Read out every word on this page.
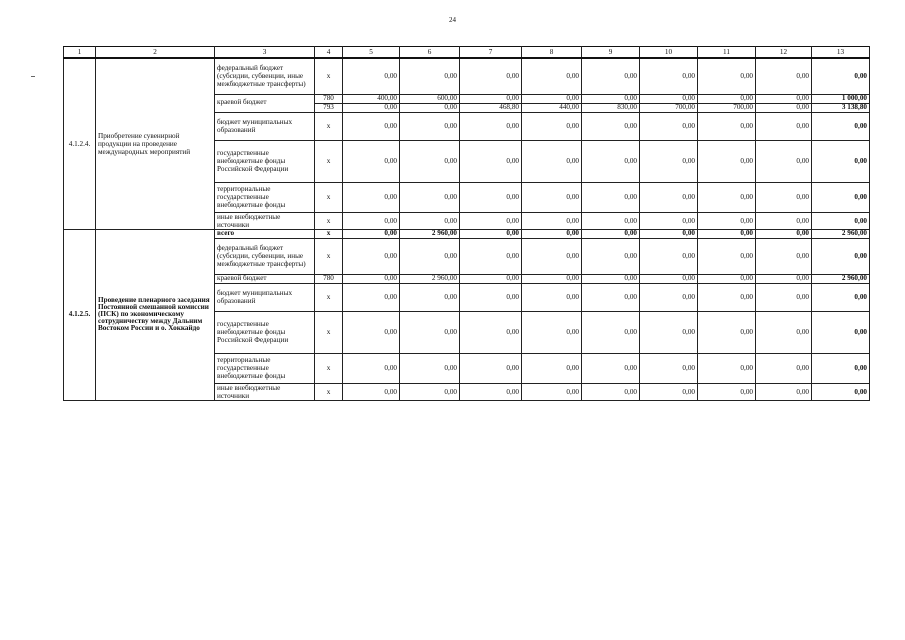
24
1	2	3	4	5	6	7	8	9	10	11	12	13
4.1.2.4.	Приобретение сувенирной продукции на проведение международных мероприятий	федеральный бюджет (субсидии, субвенции, иные межбюджетные трансферты)	х	0,00	0,00	0,00	0,00	0,00	0,00	0,00	0,00	0,00
		краевой бюджет	780	400,00	600,00	0,00	0,00	0,00	0,00	0,00	0,00	1 000,00
			793	0,00	0,00	468,80	440,00	830,00	700,00	700,00	0,00	3 138,80
		бюджет муниципальных образований	х	0,00	0,00	0,00	0,00	0,00	0,00	0,00	0,00	0,00
		государственные внебюджетные фонды Российской Федерации	х	0,00	0,00	0,00	0,00	0,00	0,00	0,00	0,00	0,00
		территориальные государственные внебюджетные фонды	х	0,00	0,00	0,00	0,00	0,00	0,00	0,00	0,00	0,00
		иные внебюджетные источники	х	0,00	0,00	0,00	0,00	0,00	0,00	0,00	0,00	0,00
4.1.2.5.	Проведение пленарного заседания Постоянной смешанной комиссии (ПСК) по экономическому сотрудничеству между Дальним Востоком России и о. Хоккайдо	всего	х	0,00	2 960,00	0,00	0,00	0,00	0,00	0,00	0,00	2 960,00
		федеральный бюджет (субсидии, субвенции, иные межбюджетные трансферты)	х	0,00	0,00	0,00	0,00	0,00	0,00	0,00	0,00	0,00
		краевой бюджет	780	0,00	2 960,00	0,00	0,00	0,00	0,00	0,00	0,00	2 960,00
		бюджет муниципальных образований	х	0,00	0,00	0,00	0,00	0,00	0,00	0,00	0,00	0,00
		государственные внебюджетные фонды Российской Федерации	х	0,00	0,00	0,00	0,00	0,00	0,00	0,00	0,00	0,00
		территориальные государственные внебюджетные фонды	х	0,00	0,00	0,00	0,00	0,00	0,00	0,00	0,00	0,00
		иные внебюджетные источники	х	0,00	0,00	0,00	0,00	0,00	0,00	0,00	0,00	0,00
